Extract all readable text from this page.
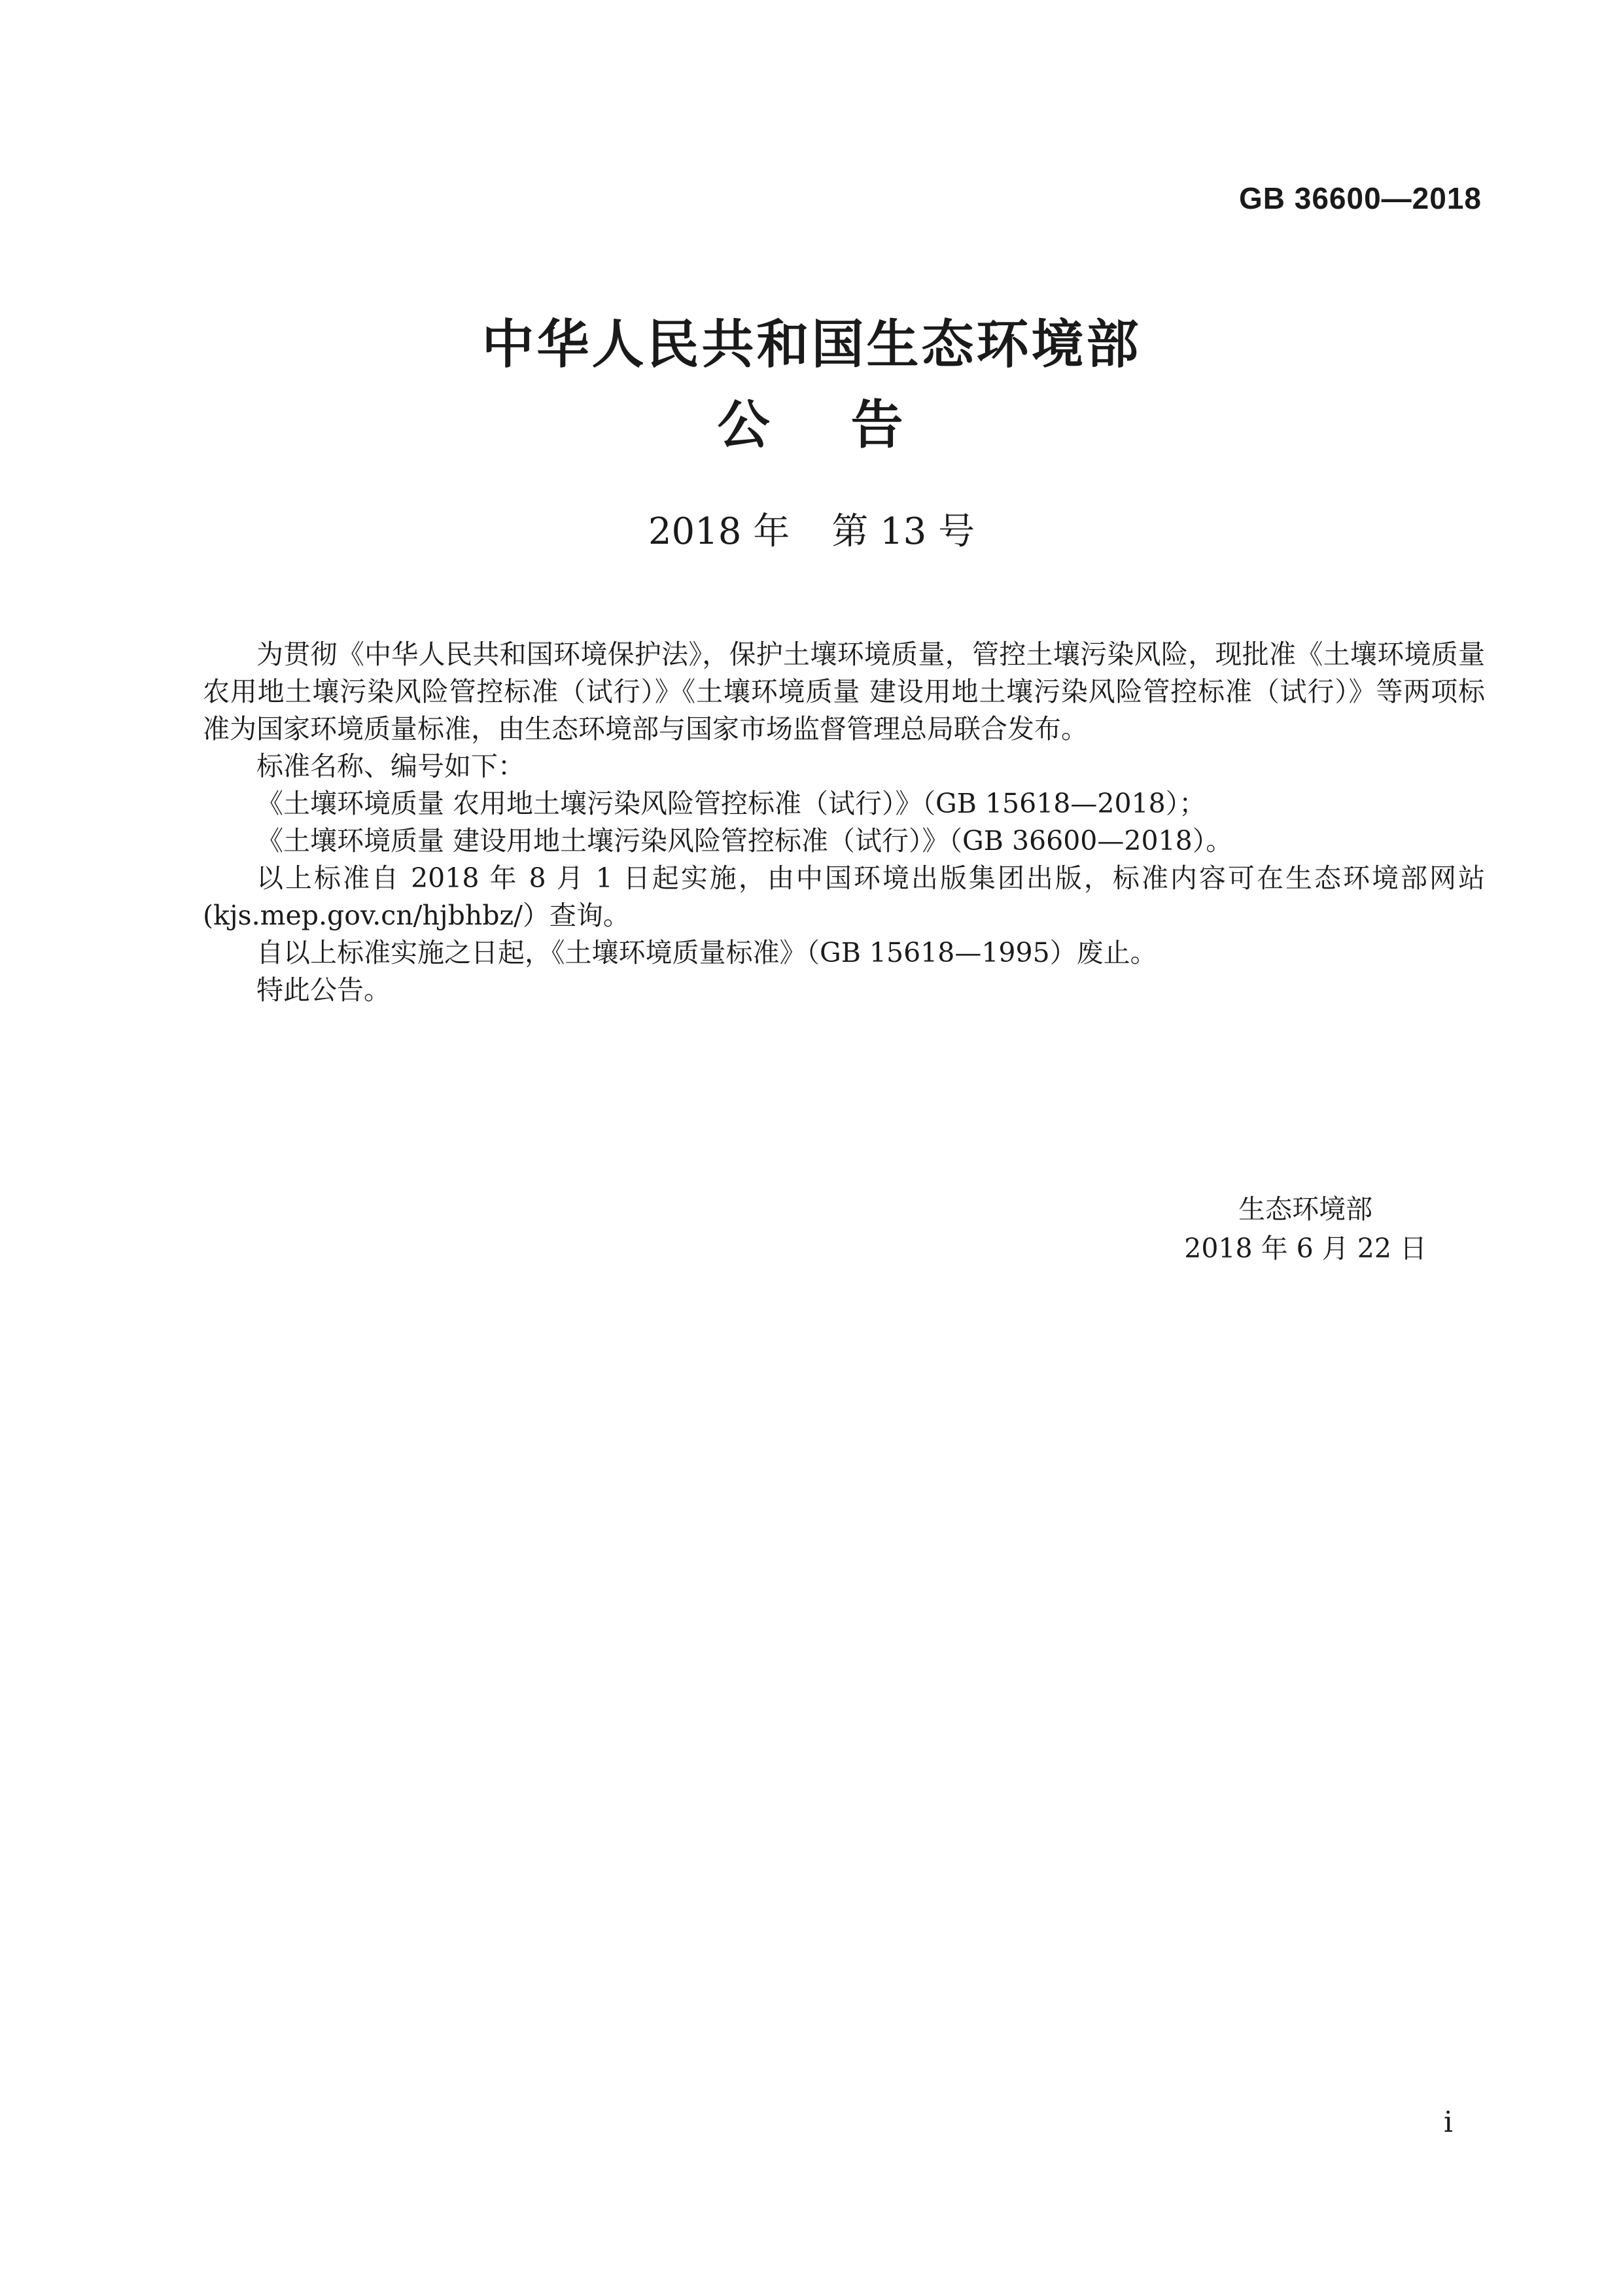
GB 36600—2018
中华人民共和国生态环境部
公 告
2018 年 第 13 号

为贯彻《中华人民共和国环境保护法》，保护土壤环境质量，管控土壤污染风险，现批准《土壤环境质量 农用地土壤污染风险管控标准（试行）》《土壤环境质量 建设用地土壤污染风险管控标准（试行）》等两项标准为国家环境质量标准，由生态环境部与国家市场监督管理总局联合发布。

标准名称、编号如下：

《土壤环境质量 农用地土壤污染风险管控标准（试行）》（GB 15618—2018）；

《土壤环境质量 建设用地土壤污染风险管控标准（试行）》（GB 36600—2018）。

以上标准自 2018 年 8 月 1 日起实施，由中国环境出版集团出版，标准内容可在生态环境部网站(kjs.mep.gov.cn/hjbhbz/）查询。

自以上标准实施之日起，《土壤环境质量标准》（GB 15618—1995）废止。

特此公告。

生态环境部
2018 年 6 月 22 日
i
